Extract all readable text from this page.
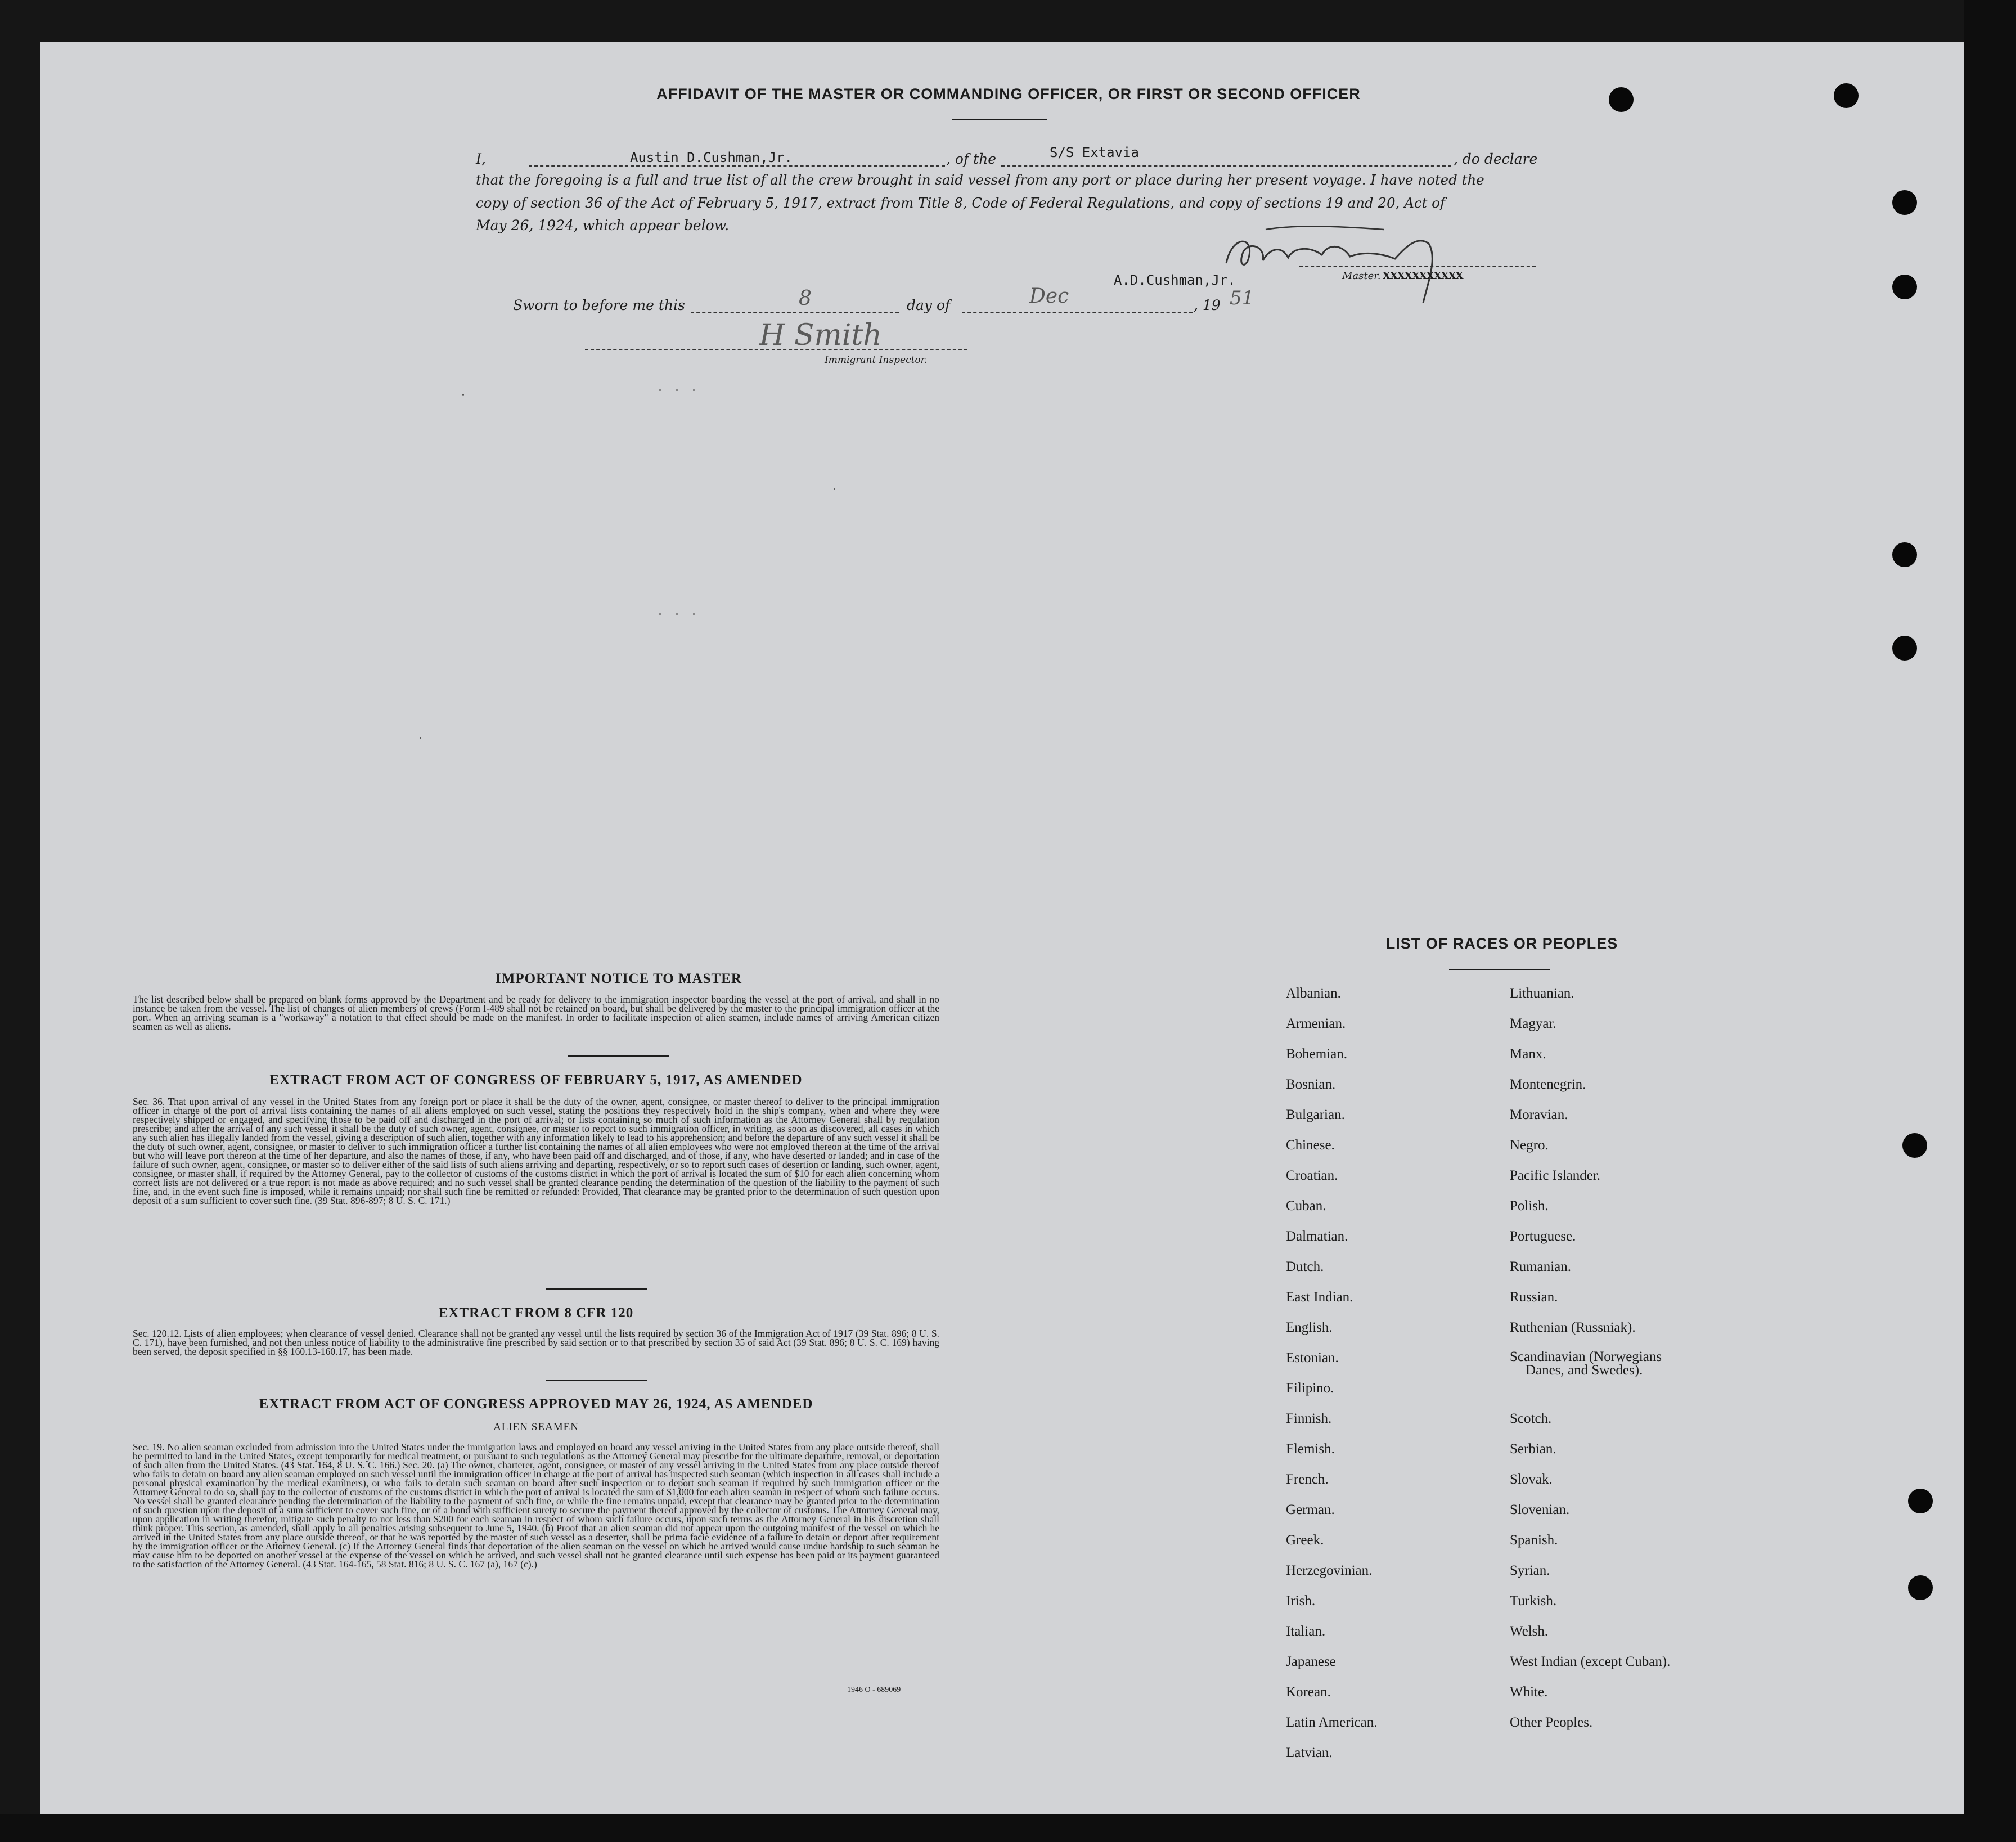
AFFIDAVIT OF THE MASTER OR COMMANDING OFFICER, OR FIRST OR SECOND OFFICER
I,	Austin D.Cushman,Jr.	, of the	S/S Extavia	, do declare
that the foregoing is a full and true list of all the crew brought in said vessel from any port or place during her present voyage. I have noted the
copy of section 36 of the Act of February 5, 1917, extract from Title 8, Code of Federal Regulations, and copy of sections 19 and 20, Act of
May 26, 1924, which appear below.
A.D.Cushman,Jr.	Master. XXXXXXXXXXX
Sworn to before me this	8	day of	Dec	, 19 51
H Smith
Immigrant Inspector.
IMPORTANT NOTICE TO MASTER
The list described below shall be prepared on blank forms approved by the Department and be ready for delivery to the immigration inspector boarding the vessel at the port of arrival, and shall in no instance be taken from the vessel. The list of changes of alien members of crews (Form I-489 shall not be retained on board, but shall be delivered by the master to the principal immigration officer at the port. When an arriving seaman is a "workaway" a notation to that effect should be made on the manifest. In order to facilitate inspection of alien seamen, include names of arriving American citizen seamen as well as aliens.
EXTRACT FROM ACT OF CONGRESS OF FEBRUARY 5, 1917, AS AMENDED
Sec. 36. That upon arrival of any vessel in the United States from any foreign port or place it shall be the duty of the owner, agent, consignee, or master thereof to deliver to the principal immigration officer in charge of the port of arrival lists containing the names of all aliens employed on such vessel, stating the positions they respectively hold in the ship's company, when and where they were respectively shipped or engaged, and specifying those to be paid off and discharged in the port of arrival; or lists containing so much of such information as the Attorney General shall by regulation prescribe; and after the arrival of any such vessel it shall be the duty of such owner, agent, consignee, or master to report to such immigration officer, in writing, as soon as discovered, all cases in which any such alien has illegally landed from the vessel, giving a description of such alien, together with any information likely to lead to his apprehension; and before the departure of any such vessel it shall be the duty of such owner, agent, consignee, or master to deliver to such immigration officer a further list containing the names of all alien employees who were not employed thereon at the time of the arrival but who will leave port thereon at the time of her departure, and also the names of those, if any, who have been paid off and discharged, and of those, if any, who have deserted or landed; and in case of the failure of such owner, agent, consignee, or master so to deliver either of the said lists of such aliens arriving and departing, respectively, or so to report such cases of desertion or landing, such owner, agent, consignee, or master shall, if required by the Attorney General, pay to the collector of customs of the customs district in which the port of arrival is located the sum of $10 for each alien concerning whom correct lists are not delivered or a true report is not made as above required; and no such vessel shall be granted clearance pending the determination of the question of the liability to the payment of such fine, and, in the event such fine is imposed, while it remains unpaid; nor shall such fine be remitted or refunded: Provided, That clearance may be granted prior to the determination of such question upon deposit of a sum sufficient to cover such fine. (39 Stat. 896-897; 8 U. S. C. 171.)
EXTRACT FROM 8 CFR 120
Sec. 120.12. Lists of alien employees; when clearance of vessel denied. Clearance shall not be granted any vessel until the lists required by section 36 of the Immigration Act of 1917 (39 Stat. 896; 8 U. S. C. 171), have been furnished, and not then unless notice of liability to the administrative fine prescribed by said section or to that prescribed by section 35 of said Act (39 Stat. 896; 8 U. S. C. 169) having been served, the deposit specified in §§ 160.13-160.17, has been made.
EXTRACT FROM ACT OF CONGRESS APPROVED MAY 26, 1924, AS AMENDED
ALIEN SEAMEN
Sec. 19. No alien seaman excluded from admission into the United States under the immigration laws and employed on board any vessel arriving in the United States from any place outside thereof, shall be permitted to land in the United States, except temporarily for medical treatment, or pursuant to such regulations as the Attorney General may prescribe for the ultimate departure, removal, or deportation of such alien from the United States. (43 Stat. 164, 8 U. S. C. 166.) Sec. 20. (a) The owner, charterer, agent, consignee, or master of any vessel arriving in the United States from any place outside thereof who fails to detain on board any alien seaman employed on such vessel until the immigration officer in charge at the port of arrival has inspected such seaman (which inspection in all cases shall include a personal physical examination by the medical examiners), or who fails to detain such seaman on board after such inspection or to deport such seaman if required by such immigration officer or the Attorney General to do so, shall pay to the collector of customs of the customs district in which the port of arrival is located the sum of $1,000 for each alien seaman in respect of whom such failure occurs. No vessel shall be granted clearance pending the determination of the liability to the payment of such fine, or while the fine remains unpaid, except that clearance may be granted prior to the determination of such question upon the deposit of a sum sufficient to cover such fine, or of a bond with sufficient surety to secure the payment thereof approved by the collector of customs. The Attorney General may, upon application in writing therefor, mitigate such penalty to not less than $200 for each seaman in respect of whom such failure occurs, upon such terms as the Attorney General in his discretion shall think proper. This section, as amended, shall apply to all penalties arising subsequent to June 5, 1940. (b) Proof that an alien seaman did not appear upon the outgoing manifest of the vessel on which he arrived in the United States from any place outside thereof, or that he was reported by the master of such vessel as a deserter, shall be prima facie evidence of a failure to detain or deport after requirement by the immigration officer or the Attorney General. (c) If the Attorney General finds that deportation of the alien seaman on the vessel on which he arrived would cause undue hardship to such seaman he may cause him to be deported on another vessel at the expense of the vessel on which he arrived, and such vessel shall not be granted clearance until such expense has been paid or its payment guaranteed to the satisfaction of the Attorney General. (43 Stat. 164-165, 58 Stat. 816; 8 U. S. C. 167 (a), 167 (c).)
1946 O - 689069
LIST OF RACES OR PEOPLES
Albanian.
Armenian.
Bohemian.
Bosnian.
Bulgarian.
Chinese.
Croatian.
Cuban.
Dalmatian.
Dutch.
East Indian.
English.
Estonian.
Filipino.
Finnish.
Flemish.
French.
German.
Greek.
Herzegovinian.
Irish.
Italian.
Japanese
Korean.
Latin American.
Latvian.
Lithuanian.
Magyar.
Manx.
Montenegrin.
Moravian.
Negro.
Pacific Islander.
Polish.
Portuguese.
Rumanian.
Russian.
Ruthenian (Russniak).
Scandinavian (Norwegians
Danes, and Swedes).
Scotch.
Serbian.
Slovak.
Slovenian.
Spanish.
Syrian.
Turkish.
Welsh.
West Indian (except Cuban).
White.
Other Peoples.
